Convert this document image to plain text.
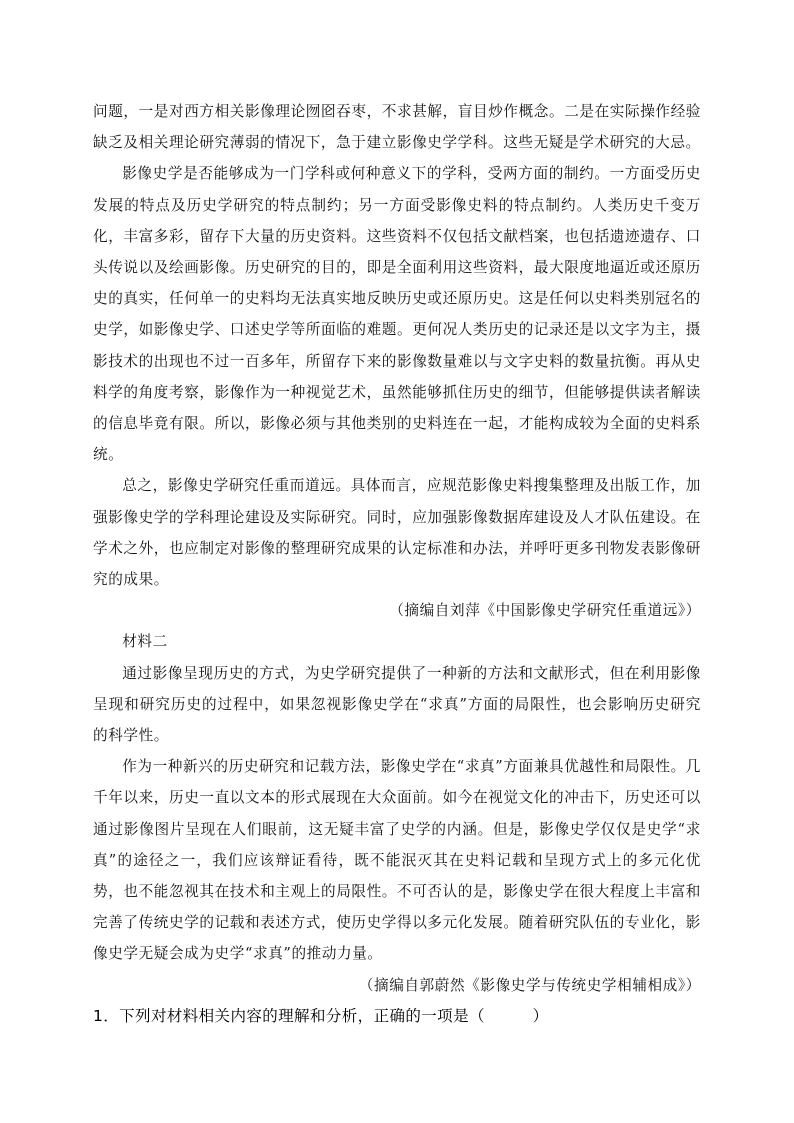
问题，一是对西方相关影像理论囫囵吞枣，不求甚解，盲目炒作概念。二是在实际操作经验缺乏及相关理论研究薄弱的情况下，急于建立影像史学学科。这些无疑是学术研究的大忌。

影像史学是否能够成为一门学科或何种意义下的学科，受两方面的制约。一方面受历史发展的特点及历史学研究的特点制约；另一方面受影像史料的特点制约。人类历史千变万化，丰富多彩，留存下大量的历史资料。这些资料不仅包括文献档案，也包括遗迹遗存、口头传说以及绘画影像。历史研究的目的，即是全面利用这些资料，最大限度地逼近或还原历史的真实，任何单一的史料均无法真实地反映历史或还原历史。这是任何以史料类别冠名的史学，如影像史学、口述史学等所面临的难题。更何况人类历史的记录还是以文字为主，摄影技术的出现也不过一百多年，所留存下来的影像数量难以与文字史料的数量抗衡。再从史料学的角度考察，影像作为一种视觉艺术，虽然能够抓住历史的细节，但能够提供读者解读的信息毕竟有限。所以，影像必须与其他类别的史料连在一起，才能构成较为全面的史料系统。

总之，影像史学研究任重而道远。具体而言，应规范影像史料搜集整理及出版工作，加强影像史学的学科理论建设及实际研究。同时，应加强影像数据库建设及人才队伍建设。在学术之外，也应制定对影像的整理研究成果的认定标准和办法，并呼吁更多刊物发表影像研究的成果。

（摘编自刘萍《中国影像史学研究任重道远》）

材料二

通过影像呈现历史的方式，为史学研究提供了一种新的方法和文献形式，但在利用影像呈现和研究历史的过程中，如果忽视影像史学在“求真”方面的局限性，也会影响历史研究的科学性。

作为一种新兴的历史研究和记载方法，影像史学在“求真”方面兼具优越性和局限性。几千年以来，历史一直以文本的形式展现在大众面前。如今在视觉文化的冲击下，历史还可以通过影像图片呈现在人们眼前，这无疑丰富了史学的内涵。但是，影像史学仅仅是史学“求真”的途径之一，我们应该辩证看待，既不能泯灭其在史料记载和呈现方式上的多元化优势，也不能忽视其在技术和主观上的局限性。不可否认的是，影像史学在很大程度上丰富和完善了传统史学的记载和表述方式，使历史学得以多元化发展。随着研究队伍的专业化，影像史学无疑会成为史学“求真”的推动力量。

（摘编自郭蔚然《影像史学与传统史学相辅相成》）

1．下列对材料相关内容的理解和分析，正确的一项是（　　　）
